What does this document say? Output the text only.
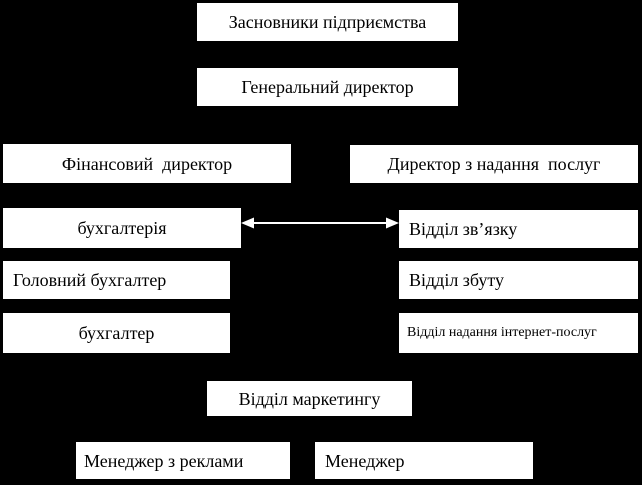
Засновники підприємства
Генеральний директор
Фінансовий  директор	Директор з надання  послуг
бухгалтерія	Відділ зв’язку
Головний бухгалтер	Відділ збуту
бухгалтер	Відділ надання інтернет-послуг
Відділ маркетингу
Менеджер з реклами	Менеджер
